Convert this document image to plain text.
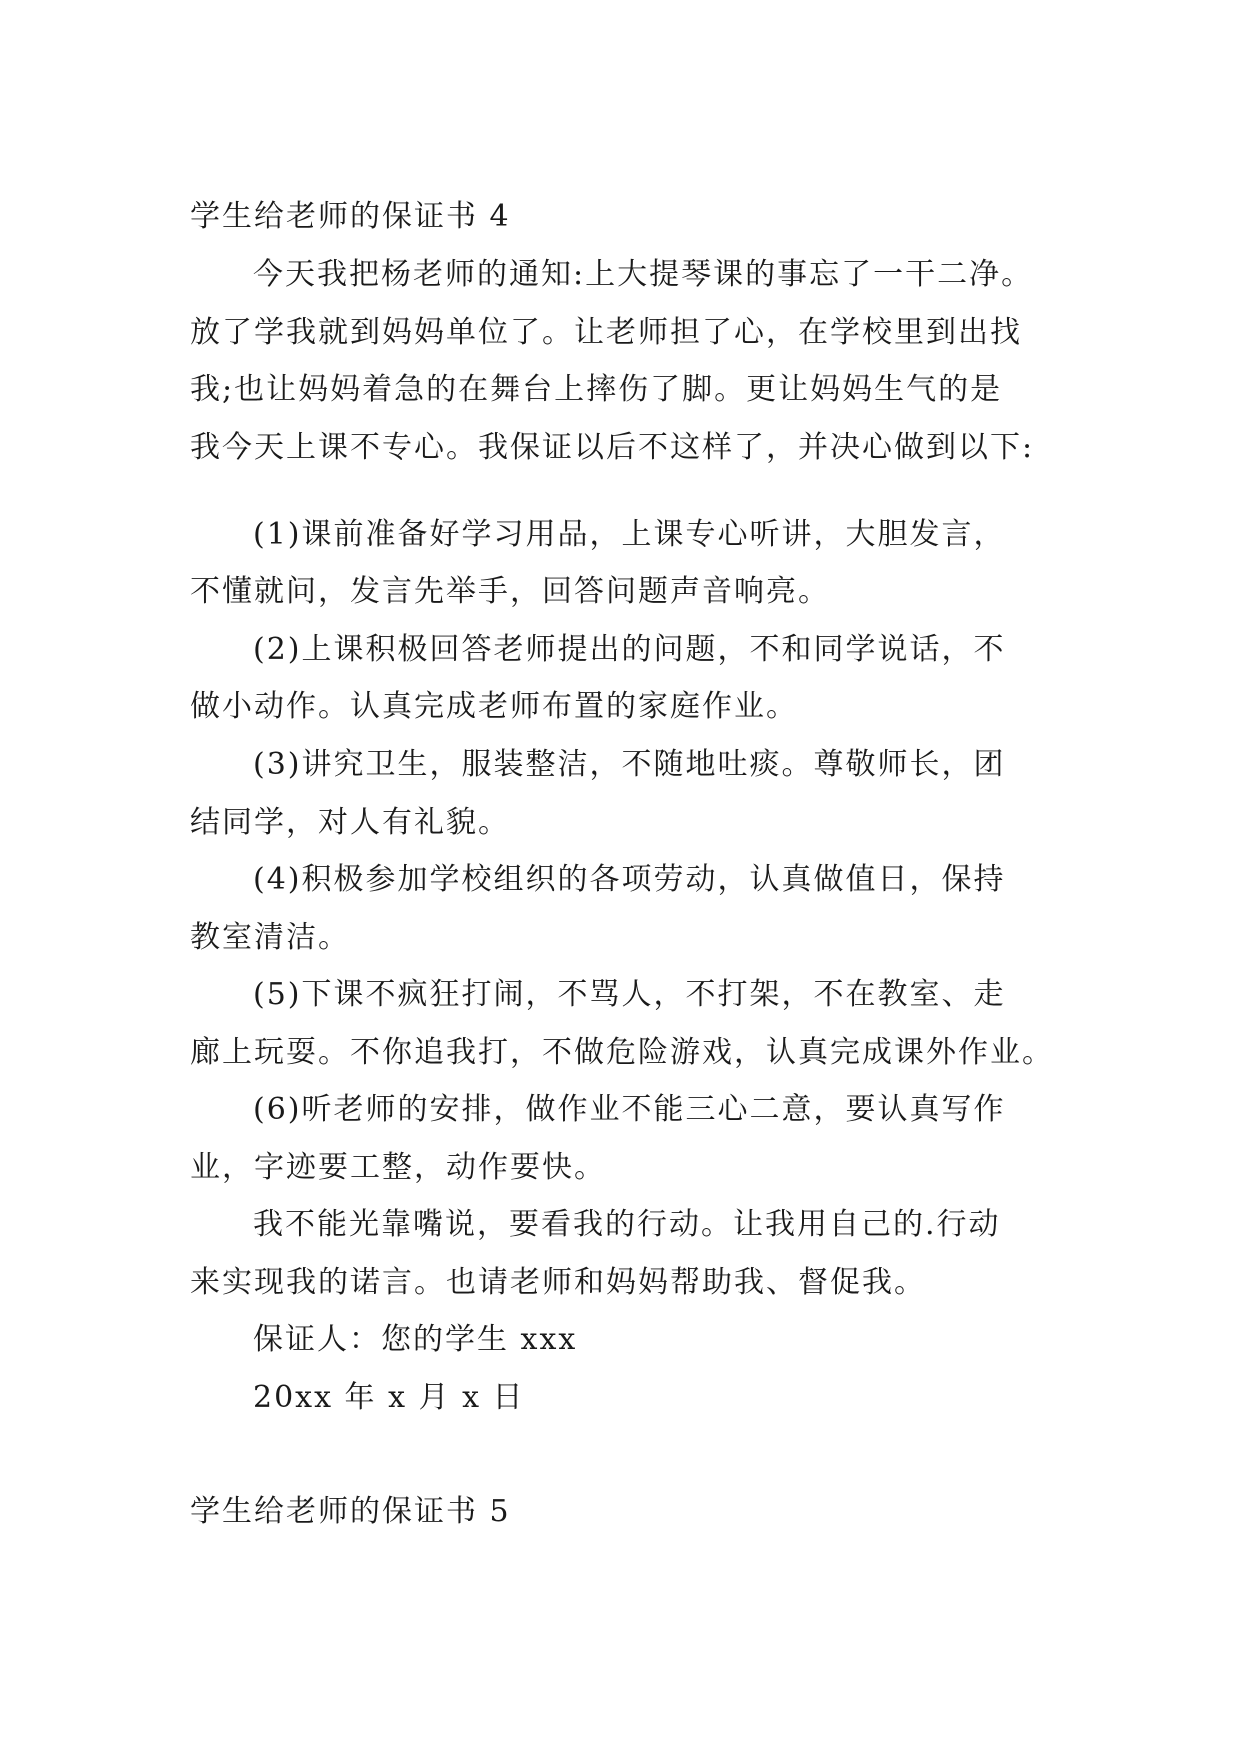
学生给老师的保证书 4
今天我把杨老师的通知:上大提琴课的事忘了一干二净。
放了学我就到妈妈单位了。让老师担了心，在学校里到出找
我;也让妈妈着急的在舞台上摔伤了脚。更让妈妈生气的是
我今天上课不专心。我保证以后不这样了，并决心做到以下:
(1)课前准备好学习用品，上课专心听讲，大胆发言，
不懂就问，发言先举手，回答问题声音响亮。
(2)上课积极回答老师提出的问题，不和同学说话，不
做小动作。认真完成老师布置的家庭作业。
(3)讲究卫生，服装整洁，不随地吐痰。尊敬师长，团
结同学，对人有礼貌。
(4)积极参加学校组织的各项劳动，认真做值日，保持
教室清洁。
(5)下课不疯狂打闹，不骂人，不打架，不在教室、走
廊上玩耍。不你追我打，不做危险游戏，认真完成课外作业。
(6)听老师的安排，做作业不能三心二意，要认真写作
业，字迹要工整，动作要快。
我不能光靠嘴说，要看我的行动。让我用自己的.行动
来实现我的诺言。也请老师和妈妈帮助我、督促我。
保证人：您的学生 xxx
20xx 年 x 月 x 日
学生给老师的保证书 5
